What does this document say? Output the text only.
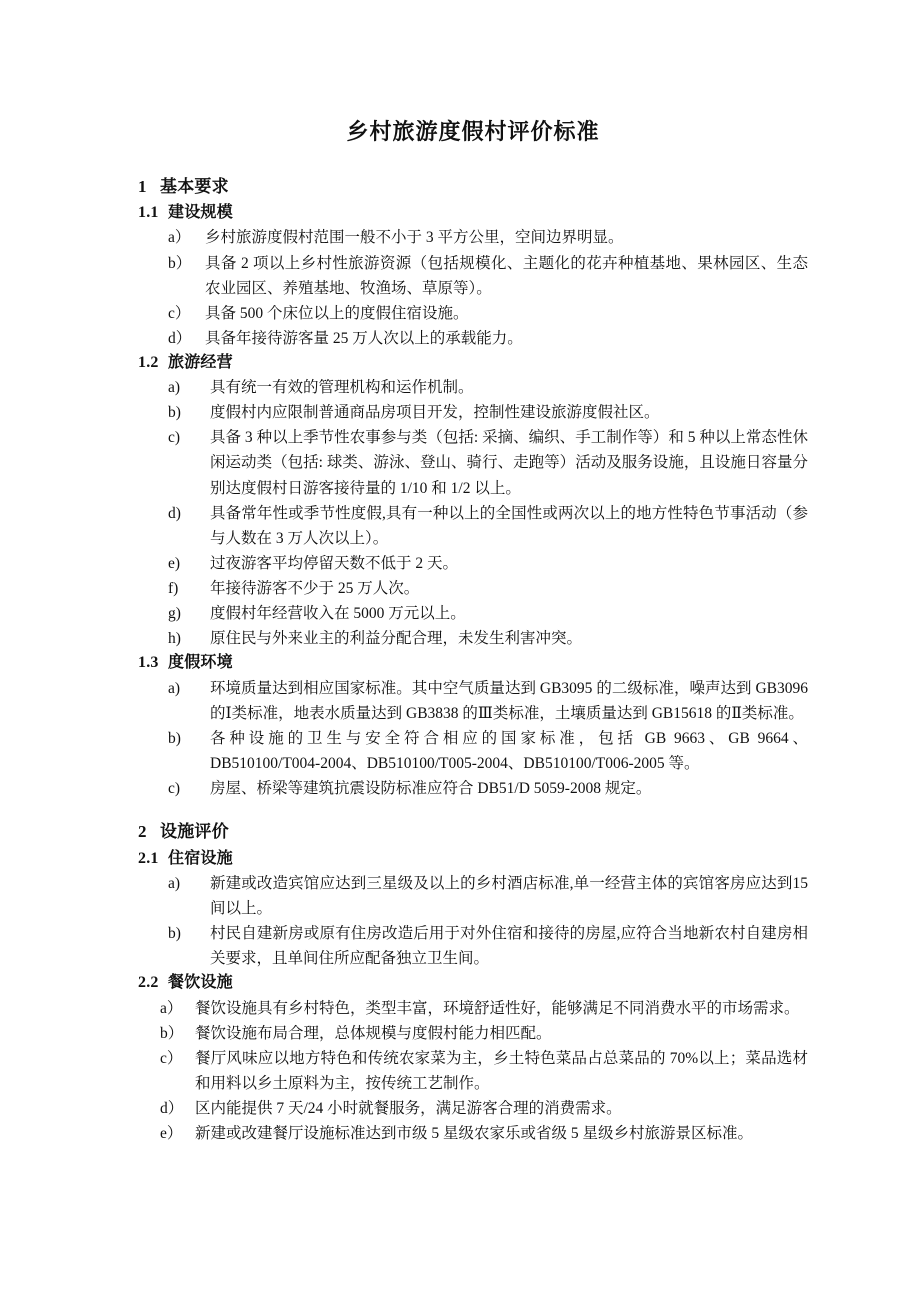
乡村旅游度假村评价标准
1 基本要求
1.1 建设规模
a） 乡村旅游度假村范围一般不小于 3 平方公里，空间边界明显。
b） 具备 2 项以上乡村性旅游资源（包括规模化、主题化的花卉种植基地、果林园区、生态农业园区、养殖基地、牧渔场、草原等）。
c） 具备 500 个床位以上的度假住宿设施。
d） 具备年接待游客量 25 万人次以上的承载能力。
1.2 旅游经营
a)	具有统一有效的管理机构和运作机制。
b)	度假村内应限制普通商品房项目开发，控制性建设旅游度假社区。
c)	具备 3 种以上季节性农事参与类（包括: 采摘、编织、手工制作等）和 5 种以上常态性休闲运动类（包括: 球类、游泳、登山、骑行、走跑等）活动及服务设施，且设施日容量分别达度假村日游客接待量的 1/10 和 1/2 以上。
d)	具备常年性或季节性度假,具有一种以上的全国性或两次以上的地方性特色节事活动（参与人数在 3 万人次以上）。
e)	过夜游客平均停留天数不低于 2 天。
f)	年接待游客不少于 25 万人次。
g)	度假村年经营收入在 5000 万元以上。
h)	原住民与外来业主的利益分配合理，未发生利害冲突。
1.3 度假环境
a)	环境质量达到相应国家标准。其中空气质量达到 GB3095 的二级标准，噪声达到 GB3096 的Ⅰ类标准，地表水质量达到 GB3838 的Ⅲ类标准，土壤质量达到 GB15618 的Ⅱ类标准。
b)	各种设施的卫生与安全符合相应的国家标准，包括 GB 9663、GB 9664、DB510100/T004-2004、DB510100/T005-2004、DB510100/T006-2005 等。
c)	房屋、桥梁等建筑抗震设防标准应符合 DB51/D 5059-2008 规定。
2 设施评价
2.1 住宿设施
a)	新建或改造宾馆应达到三星级及以上的乡村酒店标准,单一经营主体的宾馆客房应达到15间以上。
b)	村民自建新房或原有住房改造后用于对外住宿和接待的房屋,应符合当地新农村自建房相关要求，且单间住所应配备独立卫生间。
2.2 餐饮设施
a） 餐饮设施具有乡村特色，类型丰富，环境舒适性好，能够满足不同消费水平的市场需求。
b） 餐饮设施布局合理，总体规模与度假村能力相匹配。
c） 餐厅风味应以地方特色和传统农家菜为主，乡土特色菜品占总菜品的 70%以上；菜品选材和用料以乡土原料为主，按传统工艺制作。
d） 区内能提供 7 天/24 小时就餐服务，满足游客合理的消费需求。
e） 新建或改建餐厅设施标准达到市级 5 星级农家乐或省级 5 星级乡村旅游景区标准。
